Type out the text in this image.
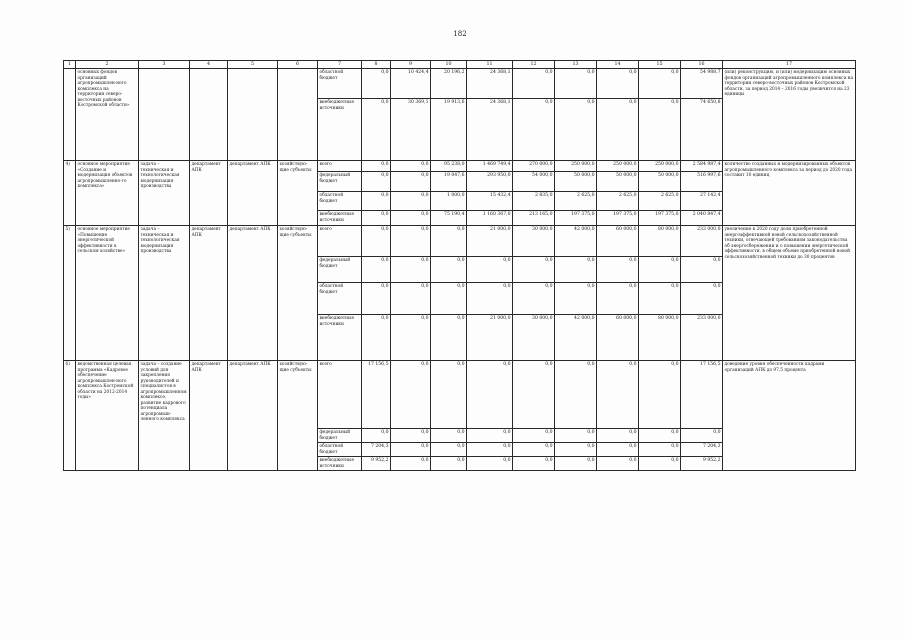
182
1	2	3	4	5	6	7	8	9	10	11	12	13	14	15	16	17
	основных фондов организаций агропромышлен-ного комплекса на территории северо-восточных районов Костромской области»					областной бюджет	0,0	10 424,4	20 196,2	24 368,1	0,0	0,0	0,0	0,0	54 988,7	(или) реконструкцию, и (или) модернизацию основных фондов организаций агропромышленного комплекса на территории северо-восточных районов Костромской области, за период 2014 – 2016 годы увеличится на 23 единицы
						внебюджетные источники	0,0	30 369,1	19 913,6	24 368,1	0,0	0,0	0,0	0,0	74 650,8	
4)	основное мероприятие «Создание и модернизация объектов агропромышленно-го комплекса»	задача – техническая и технологическая модернизация производства	департамент АПК	департамент АПК	хозяйствую-щие субъекты	всего	0,0	0,0	95 238,0	1 469 749,4	270 000,0	250 000,0	250 000,0	250 000,0	2 584 987,4	количество созданных и модернизированных объектов агропромышленного комплекса за период до 2020 года составит 10 единиц
						федеральный бюджет	0,0	0,0	19 047,6	293 950,0	54 000,0	50 000,0	50 000,0	50 000,0	516 997,6	
						областной бюджет	0,0	0,0	1 000,0	15 432,4	2 835,0	2 625,0	2 625,0	2 625,0	27 142,4	
						внебюджетные источники	0,0	0,0	75 190,4	1 160 367,0	213 165,0	197 375,0	197 375,0	197 375,0	2 040 847,4	
5)	основное мероприятие «Повышение энергетической эффективности в сельском хозяйстве»	задача – техническая и технологическая модернизация производства	департамент АПК	департамент АПК	хозяйствую-щие субъекты	всего	0,0	0,0	0,0	21 000,0	30 000,0	42 000,0	60 000,0	80 000,0	233 000,0	увеличение к 2020 году доли приобретенной энергоэффективной новой сельскохозяйственной техники, отвечающей требованиям законодательства об энергосбережении и о повышении энергетической эффективности, в общем объеме приобретенной новой сельскохозяйственной техники до 30 процентов
						федеральный бюджет	0,0	0,0	0,0	0,0	0,0	0,0	0,0	0,0	0,0	
						областной бюджет	0,0	0,0	0,0	0,0	0,0	0,0	0,0	0,0	0,0	
						внебюджетные источники	0,0	0,0	0,0	21 000,0	30 000,0	42 000,0	60 000,0	80 000,0	233 000,0	
6)	ведомственная целевая программа «Кадровое обеспечение агропромышлен-ного комплекса Костромской области на 2012-2014 годы»	задача – создание условий для закрепления руководителей и специалистов в агропромышленном комплексе, развитие кадрового потенциала агропромыш-ленного комплекса	департамент АПК	департамент АПК	хозяйствую-щие субъекты	всего	17 156,5	0,0	0,0	0,0	0,0	0,0	0,0	0,0	17 156,5	доведение уровня обеспеченности кадрами организаций АПК до 97,5 процента
						федеральный бюджет	0,0	0,0	0,0	0,0	0,0	0,0	0,0	0,0	0,0	
						областной бюджет	7 204,3	0,0	0,0	0,0	0,0	0,0	0,0	0,0	7 204,3	
						внебюджетные источники	9 952,2	0,0	0,0	0,0	0,0	0,0	0,0	0,0	9 952,2	
